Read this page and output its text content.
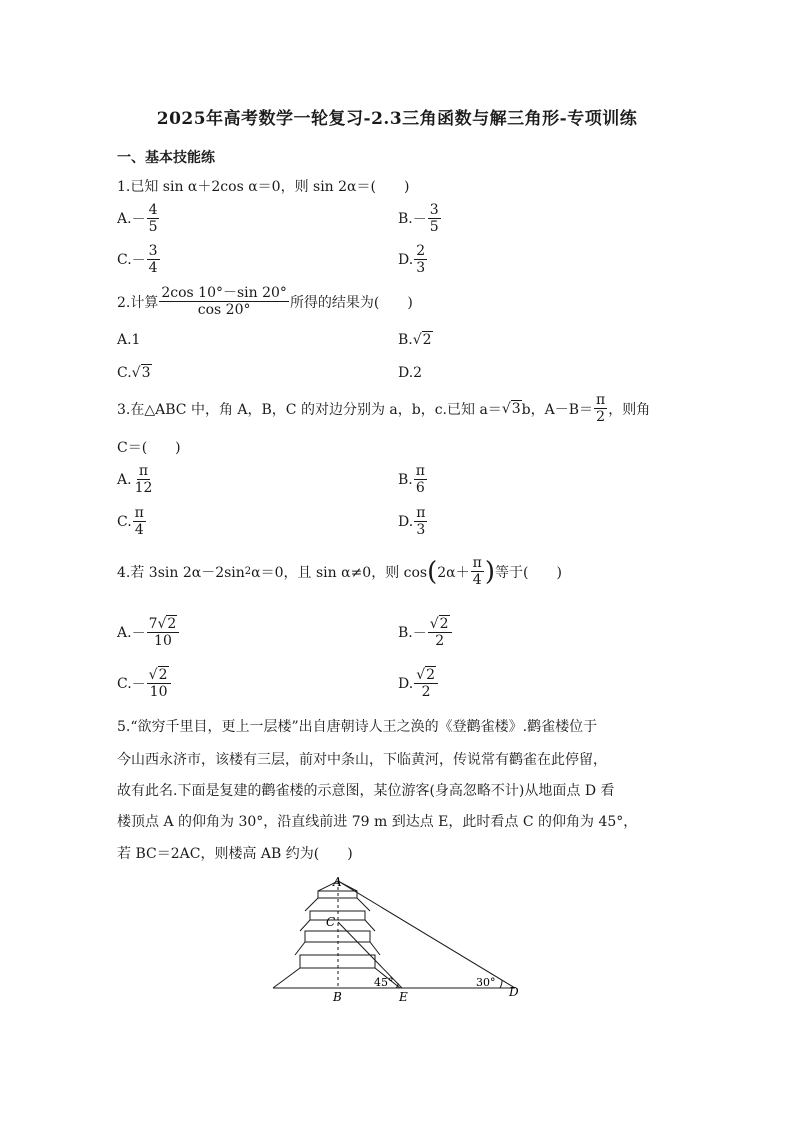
2025年高考数学一轮复习-2.3三角函数与解三角形-专项训练
一、基本技能练
1.已知 sin α＋2cos α＝0，则 sin 2α＝(　　)
A. － $\frac{4}{5}$	B. － $\frac{3}{5}$
C. － $\frac{3}{4}$	D. $\frac{2}{3}$
2.计算 $\frac{2\cos 10^\circ-\sin 20^\circ}{\cos 20^\circ}$ 所得的结果为(　　)
A.1	B. √2
C. √3	D.2
3.在△ABC 中，角 A，B，C 的对边分别为 a，b，c.已知 a＝ √3 b，$A-B= \frac{\pi}{2}$ ，则角
C＝(　　)
A. $\frac{\pi}{12}$	B. $\frac{\pi}{6}$
C. $\frac{\pi}{4}$	D. $\frac{\pi}{3}$
4.若 3sin 2α－2sin 2 α＝0，且 sin α≠0，则 cos ( $2\alpha+ \frac{\pi}{4}$ ) 等于(　　)
A. － $\frac{7√2}{10}$	B. － $\frac{√2}{2}$
C. － $\frac{√2}{10}$	D. $\frac{√2}{2}$
5.“欲穷千里目，更上一层楼”出自唐朝诗人王之涣的《登鹳雀楼》.鹳雀楼位于
今山西永济市，该楼有三层，前对中条山，下临黄河，传说常有鹳雀在此停留，
故有此名.下面是复建的鹳雀楼的示意图，某位游客(身高忽略不计)从地面点 D 看
楼顶点 A 的仰角为 30°，沿直线前进 79 m 到达点 E，此时看点 C 的仰角为 45°，
若 BC＝2AC，则楼高 AB 约为(　　)
A
C
B	E	D
45°	30°
